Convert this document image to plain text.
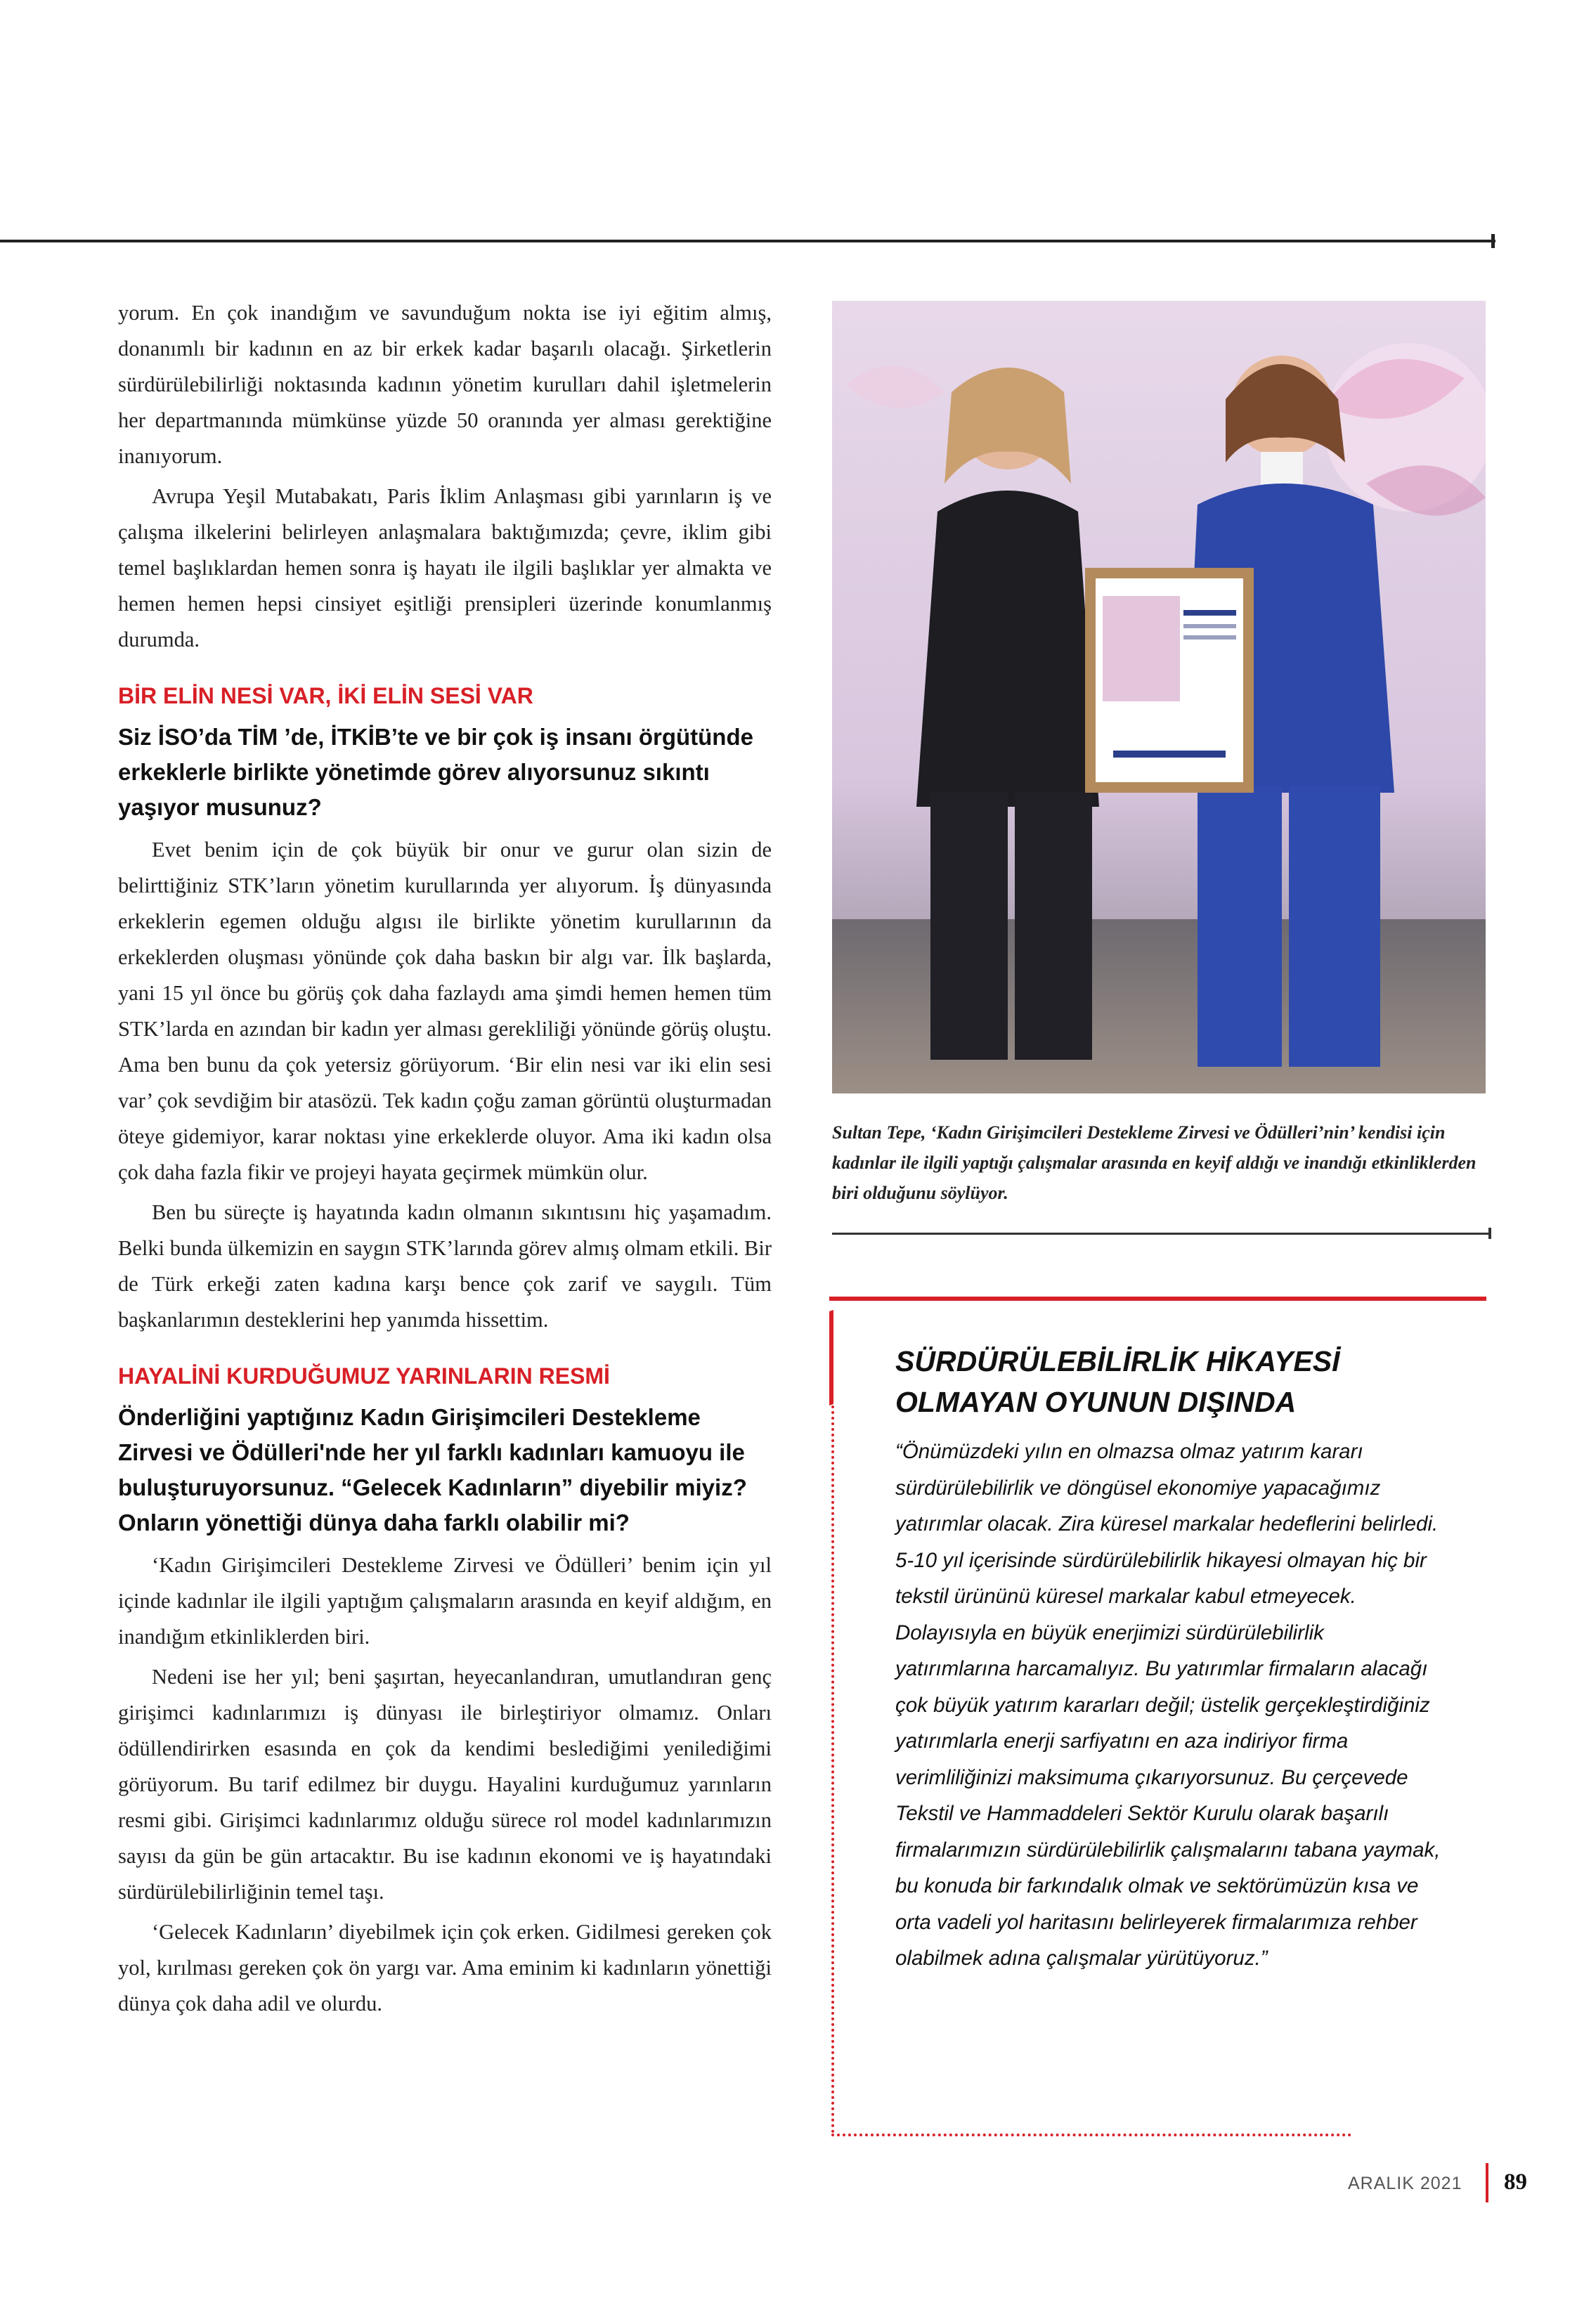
yorum. En çok inandığım ve savunduğum nokta ise iyi eğitim almış, donanımlı bir kadının en az bir erkek kadar başarılı olacağı. Şirketlerin sürdürülebilirliği noktasında kadının yönetim kurulları dahil işletmelerin her departmanında mümkünse yüzde 50 oranında yer alması gerektiğine inanıyorum.

Avrupa Yeşil Mutabakatı, Paris İklim Anlaşması gibi yarınların iş ve çalışma ilkelerini belirleyen anlaşmalara baktığımızda; çevre, iklim gibi temel başlıklardan hemen sonra iş hayatı ile ilgili başlıklar yer almakta ve hemen hemen hepsi cinsiyet eşitliği prensipleri üzerinde konumlanmış durumda.

BİR ELİN NESİ VAR, İKİ ELİN SESİ VAR
Siz İSO’da TİM ’de, İTKİB’te ve bir çok iş insanı örgütünde erkeklerle birlikte yönetimde görev alıyorsunuz sıkıntı yaşıyor musunuz?

Evet benim için de çok büyük bir onur ve gurur olan sizin de belirttiğiniz STK’ların yönetim kurullarında yer alıyorum. İş dünyasında erkeklerin egemen olduğu algısı ile birlikte yönetim kurullarının da erkeklerden oluşması yönünde çok daha baskın bir algı var. İlk başlarda, yani 15 yıl önce bu görüş çok daha fazlaydı ama şimdi hemen hemen tüm STK’larda en azından bir kadın yer alması gerekliliği yönünde görüş oluştu. Ama ben bunu da çok yetersiz görüyorum. ‘Bir elin nesi var iki elin sesi var’ çok sevdiğim bir atasözü. Tek kadın çoğu zaman görüntü oluşturmadan öteye gidemiyor, karar noktası yine erkeklerde oluyor. Ama iki kadın olsa çok daha fazla fikir ve projeyi hayata geçirmek mümkün olur.

Ben bu süreçte iş hayatında kadın olmanın sıkıntısını hiç yaşamadım. Belki bunda ülkemizin en saygın STK’larında görev almış olmam etkili. Bir de Türk erkeği zaten kadına karşı bence çok zarif ve saygılı. Tüm başkanlarımın desteklerini hep yanımda hissettim.

HAYALİNİ KURDUĞUMUZ YARINLARIN RESMİ
Önderliğini yaptığınız Kadın Girişimcileri Destekleme Zirvesi ve Ödülleri'nde her yıl farklı kadınları kamuoyu ile buluşturuyorsunuz. “Gelecek Kadınların” diyebilir miyiz? Onların yönettiği dünya daha farklı olabilir mi?

‘Kadın Girişimcileri Destekleme Zirvesi ve Ödülleri’ benim için yıl içinde kadınlar ile ilgili yaptığım çalışmaların arasında en keyif aldığım, en inandığım etkinliklerden biri.

Nedeni ise her yıl; beni şaşırtan, heyecanlandıran, umutlandıran genç girişimci kadınlarımızı iş dünyası ile birleştiriyor olmamız. Onları ödüllendirirken esasında en çok da kendimi beslediğimi yenilediğimi görüyorum. Bu tarif edilmez bir duygu. Hayalini kurduğumuz yarınların resmi gibi. Girişimci kadınlarımız olduğu sürece rol model kadınlarımızın sayısı da gün be gün artacaktır. Bu ise kadının ekonomi ve iş hayatındaki sürdürülebilirliğinin temel taşı.

‘Gelecek Kadınların’ diyebilmek için çok erken. Gidilmesi gereken çok yol, kırılması gereken çok ön yargı var. Ama eminim ki kadınların yönettiği dünya çok daha adil ve olurdu.

Sultan Tepe, ‘Kadın Girişimcileri Destekleme Zirvesi ve Ödülleri’nin’ kendisi için kadınlar ile ilgili yaptığı çalışmalar arasında en keyif aldığı ve inandığı etkinliklerden biri olduğunu söylüyor.
SÜRDÜRÜLEBİLİRLİK HİKAYESİ OLMAYAN OYUNUN DIŞINDA

“Önümüzdeki yılın en olmazsa olmaz yatırım kararı sürdürülebilirlik ve döngüsel ekonomiye yapacağımız yatırımlar olacak. Zira küresel markalar hedeflerini belirledi. 5-10 yıl içerisinde sürdürülebilirlik hikayesi olmayan hiç bir tekstil ürününü küresel markalar kabul etmeyecek. Dolayısıyla en büyük enerjimizi sürdürülebilirlik yatırımlarına harcamalıyız. Bu yatırımlar firmaların alacağı çok büyük yatırım kararları değil; üstelik gerçekleştirdiğiniz yatırımlarla enerji sarfiyatını en aza indiriyor firma verimliliğinizi maksimuma çıkarıyorsunuz. Bu çerçevede Tekstil ve Hammaddeleri Sektör Kurulu olarak başarılı firmalarımızın sürdürülebilirlik çalışmalarını tabana yaymak, bu konuda bir farkındalık olmak ve sektörümüzün kısa ve orta vadeli yol haritasını belirleyerek firmalarımıza rehber olabilmek adına çalışmalar yürütüyoruz.”

ARALIK 2021 89
